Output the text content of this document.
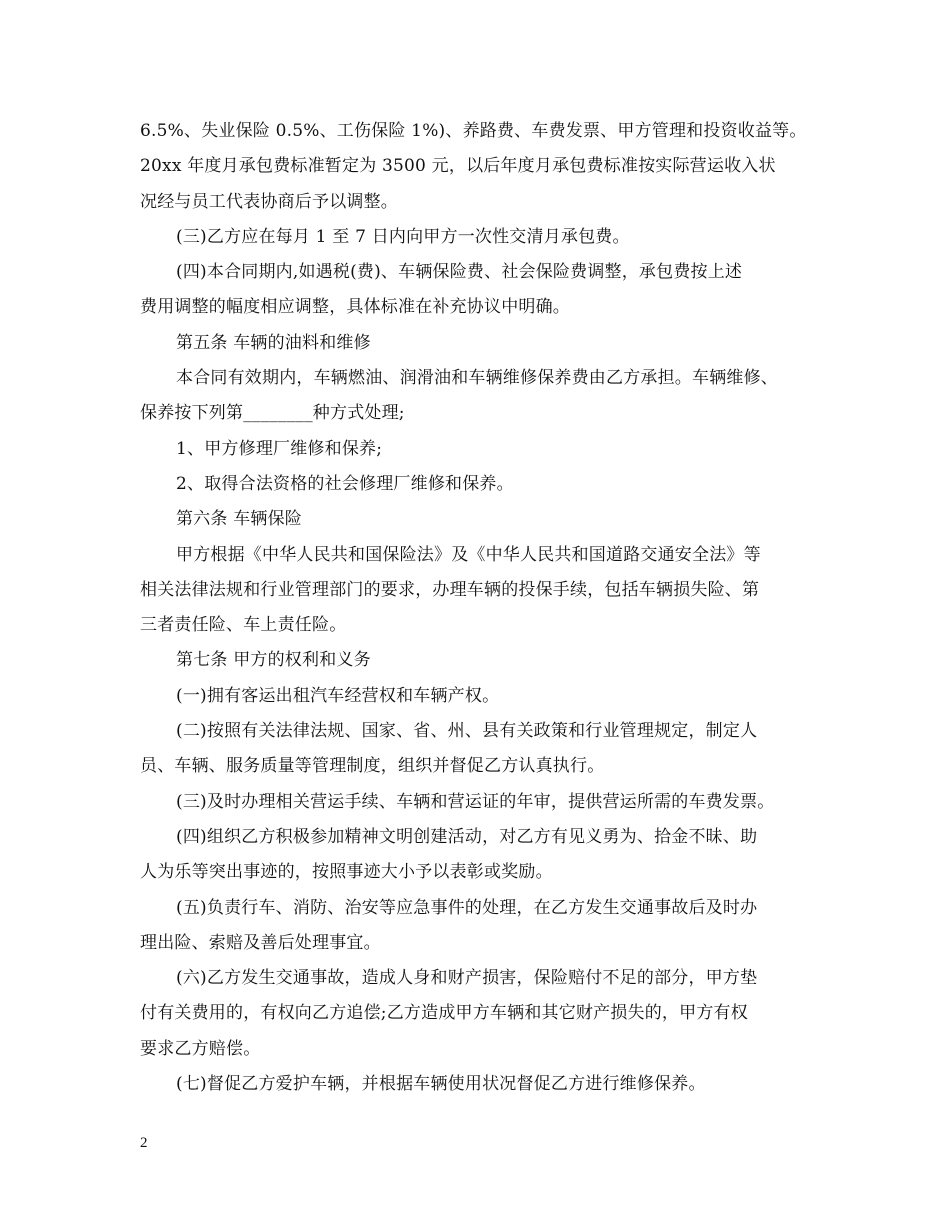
6.5%、失业保险 0.5%、工伤保险 1%)、养路费、车费发票、甲方管理和投资收益等。
20xx 年度月承包费标准暂定为 3500 元，以后年度月承包费标准按实际营运收入状
况经与员工代表协商后予以调整。
(三)乙方应在每月 1 至 7 日内向甲方一次性交清月承包费。
(四)本合同期内,如遇税(费)、车辆保险费、社会保险费调整，承包费按上述
费用调整的幅度相应调整，具体标准在补充协议中明确。
第五条 车辆的油料和维修
本合同有效期内，车辆燃油、润滑油和车辆维修保养费由乙方承担。车辆维修、
保养按下列第________种方式处理;
1、甲方修理厂维修和保养;
2、取得合法资格的社会修理厂维修和保养。
第六条 车辆保险
甲方根据《中华人民共和国保险法》及《中华人民共和国道路交通安全法》等
相关法律法规和行业管理部门的要求，办理车辆的投保手续，包括车辆损失险、第
三者责任险、车上责任险。
第七条 甲方的权利和义务
(一)拥有客运出租汽车经营权和车辆产权。
(二)按照有关法律法规、国家、省、州、县有关政策和行业管理规定，制定人
员、车辆、服务质量等管理制度，组织并督促乙方认真执行。
(三)及时办理相关营运手续、车辆和营运证的年审，提供营运所需的车费发票。
(四)组织乙方积极参加精神文明创建活动，对乙方有见义勇为、拾金不昧、助
人为乐等突出事迹的，按照事迹大小予以表彰或奖励。
(五)负责行车、消防、治安等应急事件的处理，在乙方发生交通事故后及时办
理出险、索赔及善后处理事宜。
(六)乙方发生交通事故，造成人身和财产损害，保险赔付不足的部分，甲方垫
付有关费用的，有权向乙方追偿;乙方造成甲方车辆和其它财产损失的，甲方有权
要求乙方赔偿。
(七)督促乙方爱护车辆，并根据车辆使用状况督促乙方进行维修保养。
2
